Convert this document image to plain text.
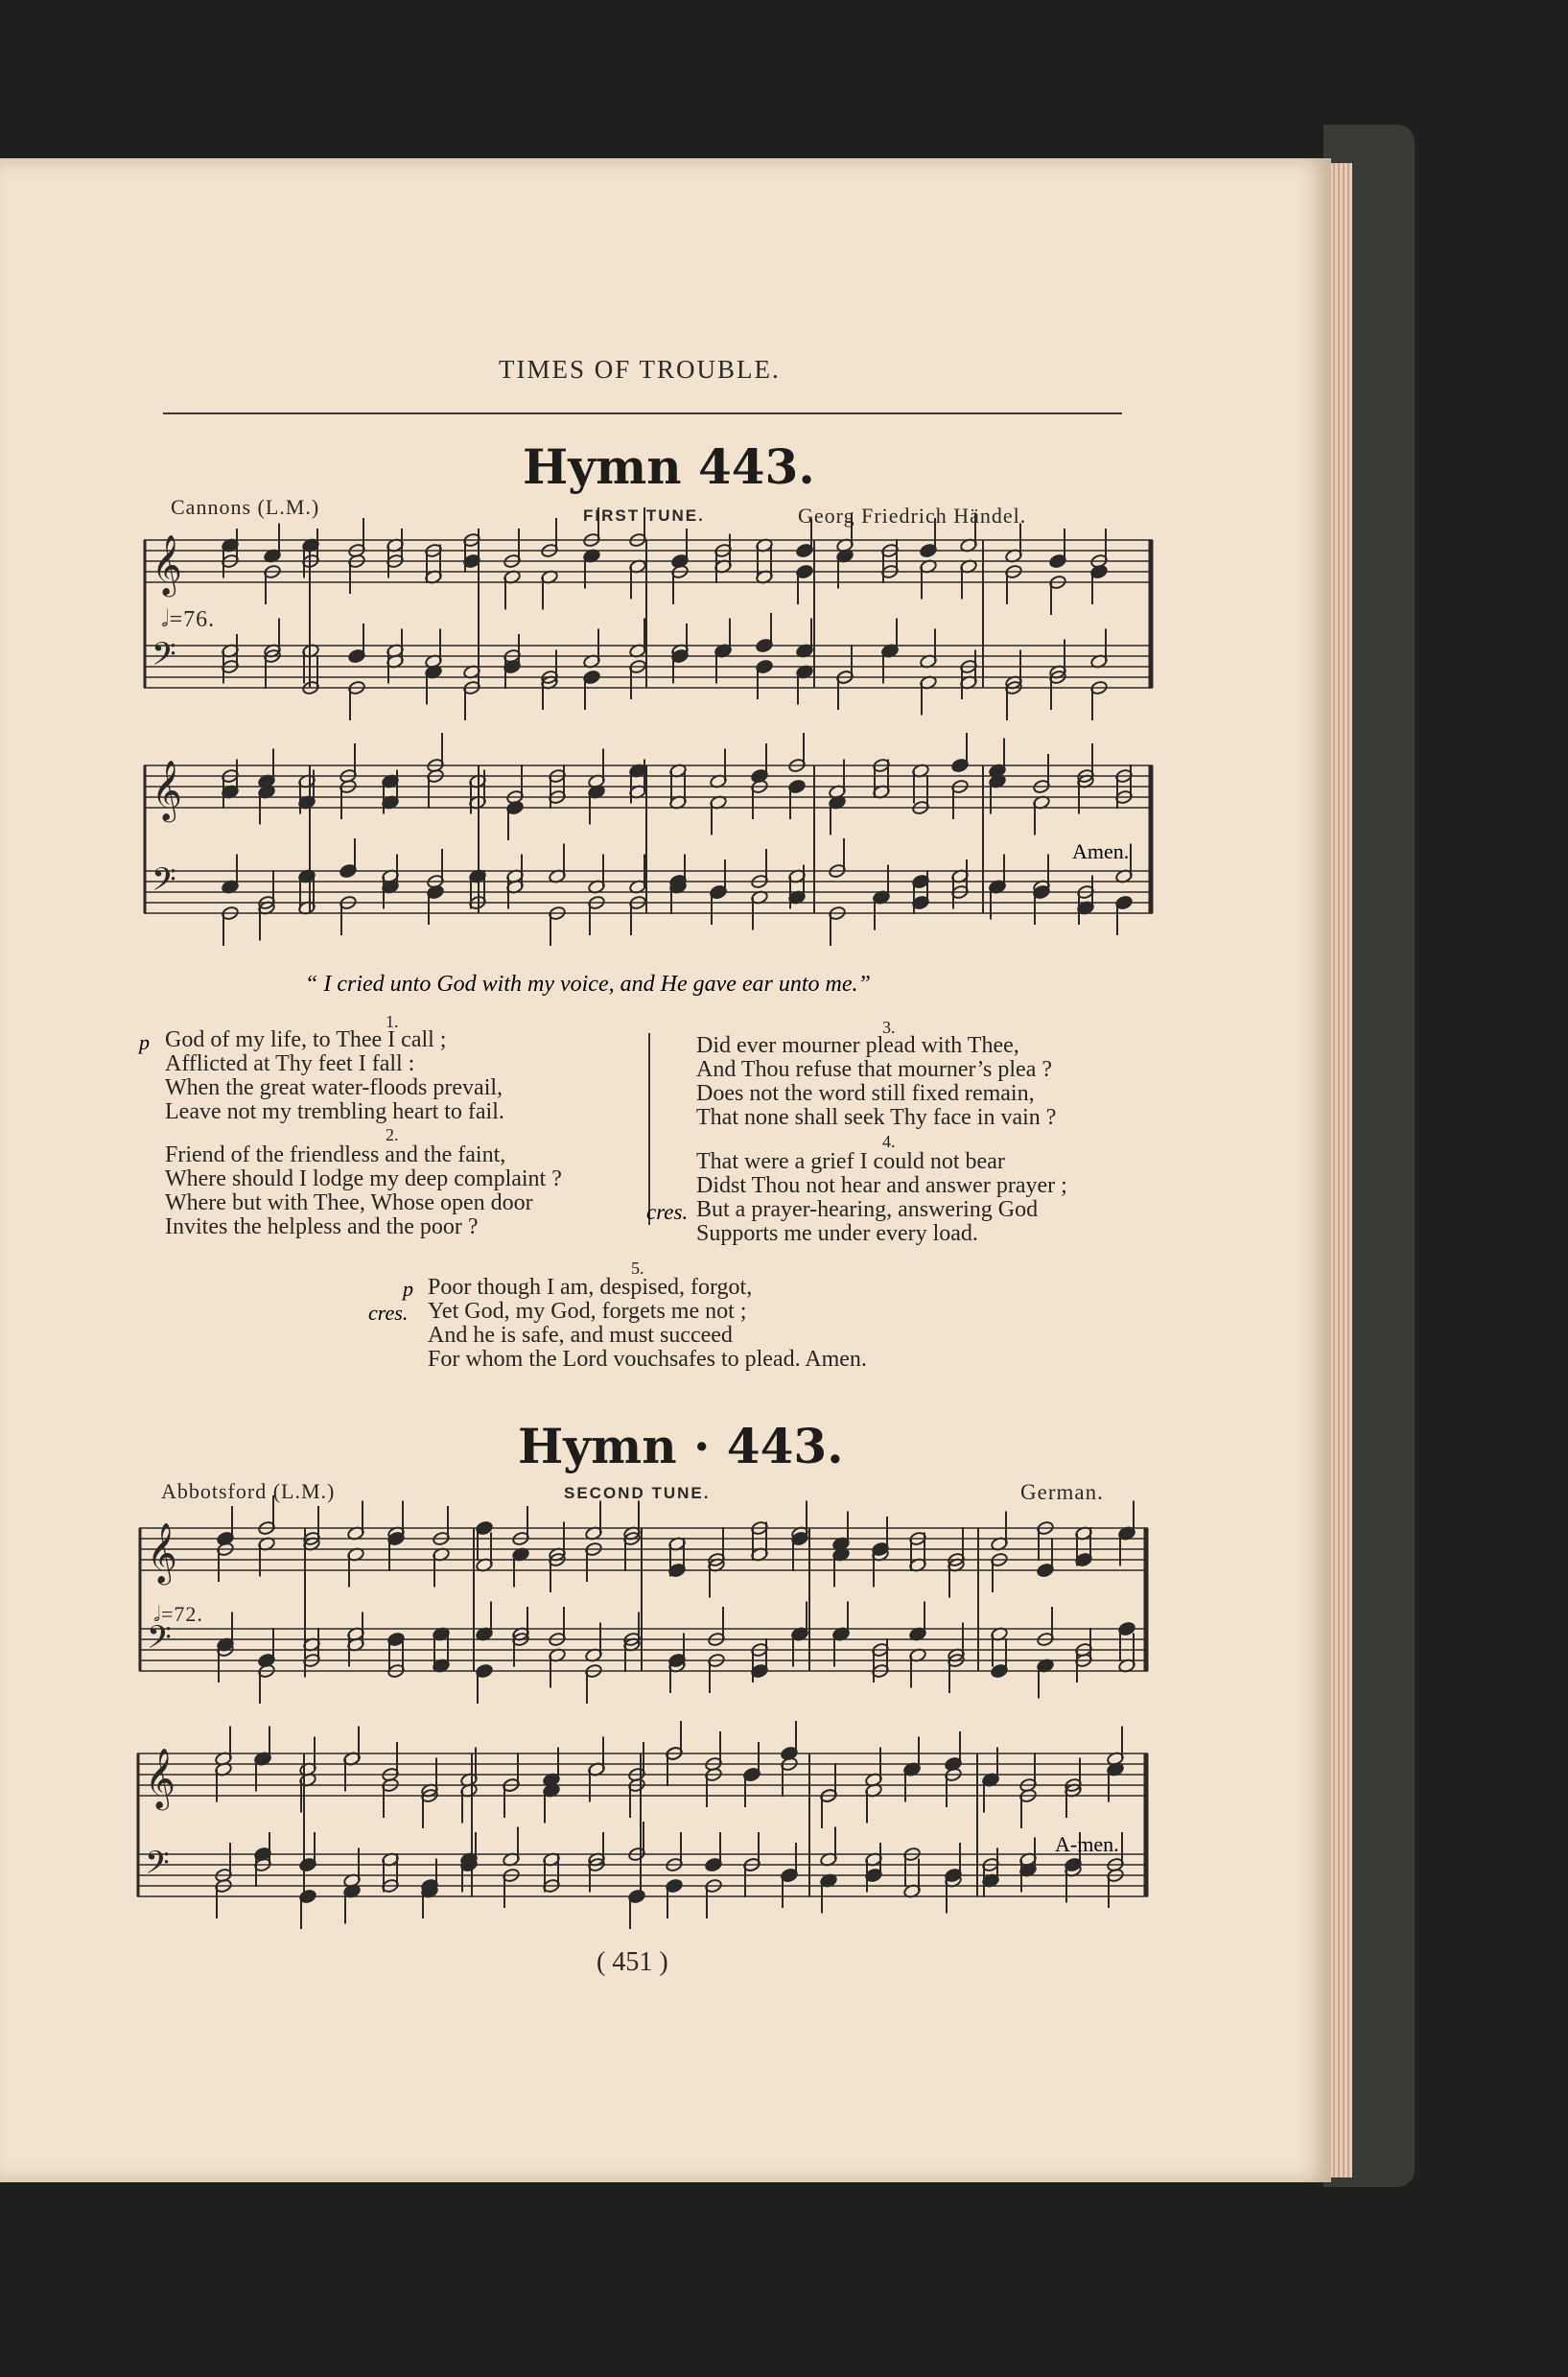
TIMES OF TROUBLE.
Hymn 443.
Cannons (L.M.)	FIRST TUNE.	Georg Friedrich Händel.
𝅗𝅥=76.
𝄞
𝄢
𝄞
𝄢
Amen.
“ I cried unto God with my voice, and He gave ear unto me.”
1.
p God of my life, to Thee I call ;
Afflicted at Thy feet I fall :
When the great water-floods prevail,
Leave not my trembling heart to fail.
2.
Friend of the friendless and the faint,
Where should I lodge my deep complaint ?
Where but with Thee, Whose open door
Invites the helpless and the poor ?
3.
Did ever mourner plead with Thee,
And Thou refuse that mourner’s plea ?
Does not the word still fixed remain,
That none shall seek Thy face in vain ?
4.
cres.
That were a grief I could not bear
Didst Thou not hear and answer prayer ;
But a prayer-hearing, answering God
Supports me under every load.
5.
p
cres.
Poor though I am, despised, forgot,
Yet God, my God, forgets me not ;
And he is safe, and must succeed
For whom the Lord vouchsafes to plead. Amen.
Hymn · 443.
Abbotsford (L.M.)	SECOND TUNE.	German.
𝅗𝅥=72.
𝄞
𝄢
𝄞
𝄢
A-men.
( 451 )
